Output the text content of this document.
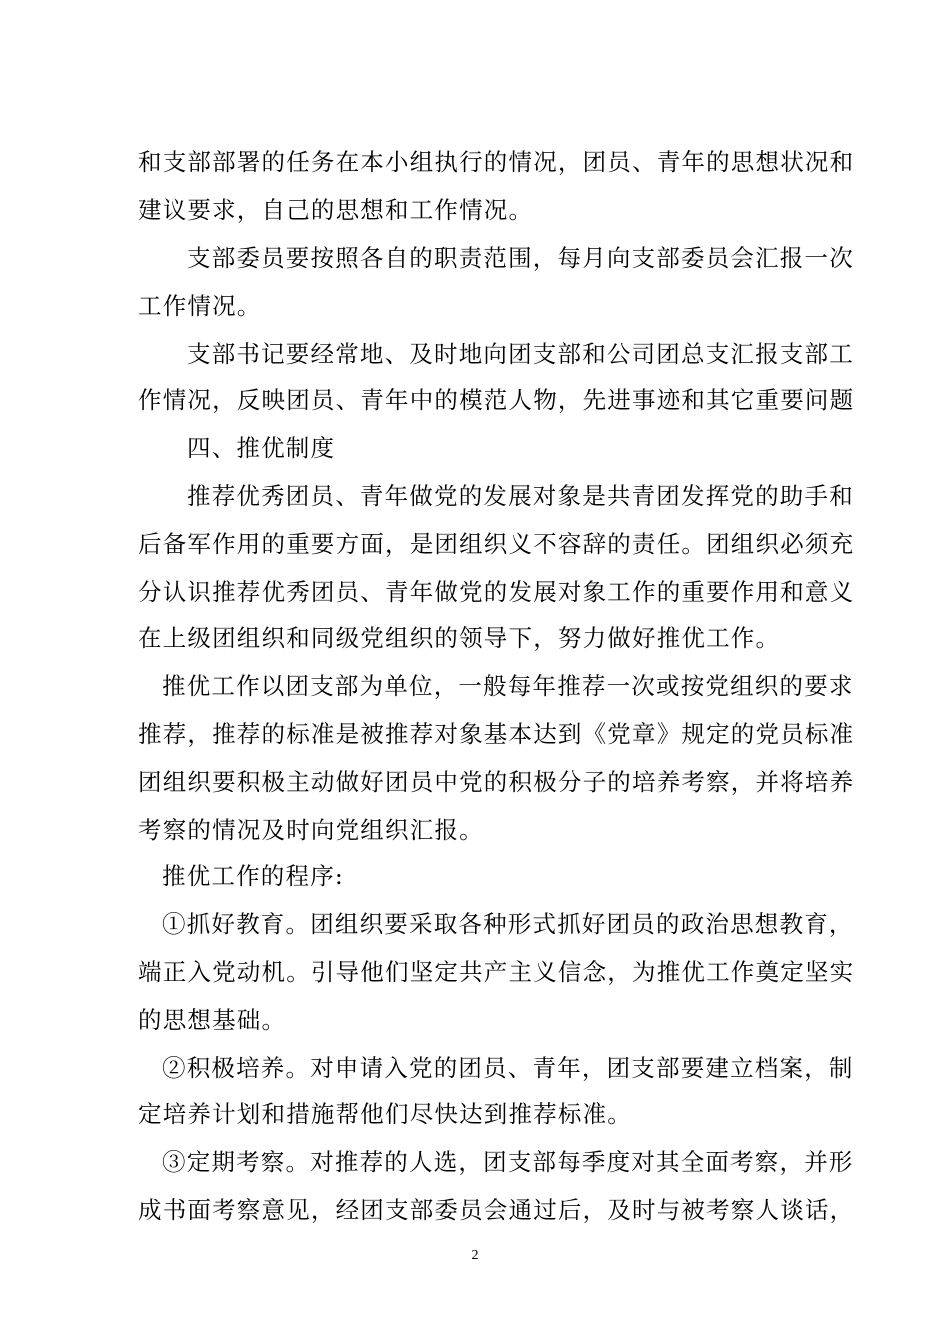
和支部部署的任务在本小组执行的情况，团员、青年的思想状况和
建议要求，自己的思想和工作情况。
支部委员要按照各自的职责范围，每月向支部委员会汇报一次
工作情况。
支部书记要经常地、及时地向团支部和公司团总支汇报支部工
作情况，反映团员、青年中的模范人物，先进事迹和其它重要问题
四、推优制度
推荐优秀团员、青年做党的发展对象是共青团发挥党的助手和
后备军作用的重要方面，是团组织义不容辞的责任。团组织必须充
分认识推荐优秀团员、青年做党的发展对象工作的重要作用和意义
在上级团组织和同级党组织的领导下，努力做好推优工作。
推优工作以团支部为单位，一般每年推荐一次或按党组织的要求
推荐，推荐的标准是被推荐对象基本达到《党章》规定的党员标准
团组织要积极主动做好团员中党的积极分子的培养考察，并将培养
考察的情况及时向党组织汇报。
推优工作的程序:
①抓好教育。团组织要采取各种形式抓好团员的政治思想教育，
端正入党动机。引导他们坚定共产主义信念，为推优工作奠定坚实
的思想基础。
②积极培养。对申请入党的团员、青年，团支部要建立档案，制
定培养计划和措施帮他们尽快达到推荐标准。
③定期考察。对推荐的人选，团支部每季度对其全面考察，并形
成书面考察意见，经团支部委员会通过后，及时与被考察人谈话，
2
